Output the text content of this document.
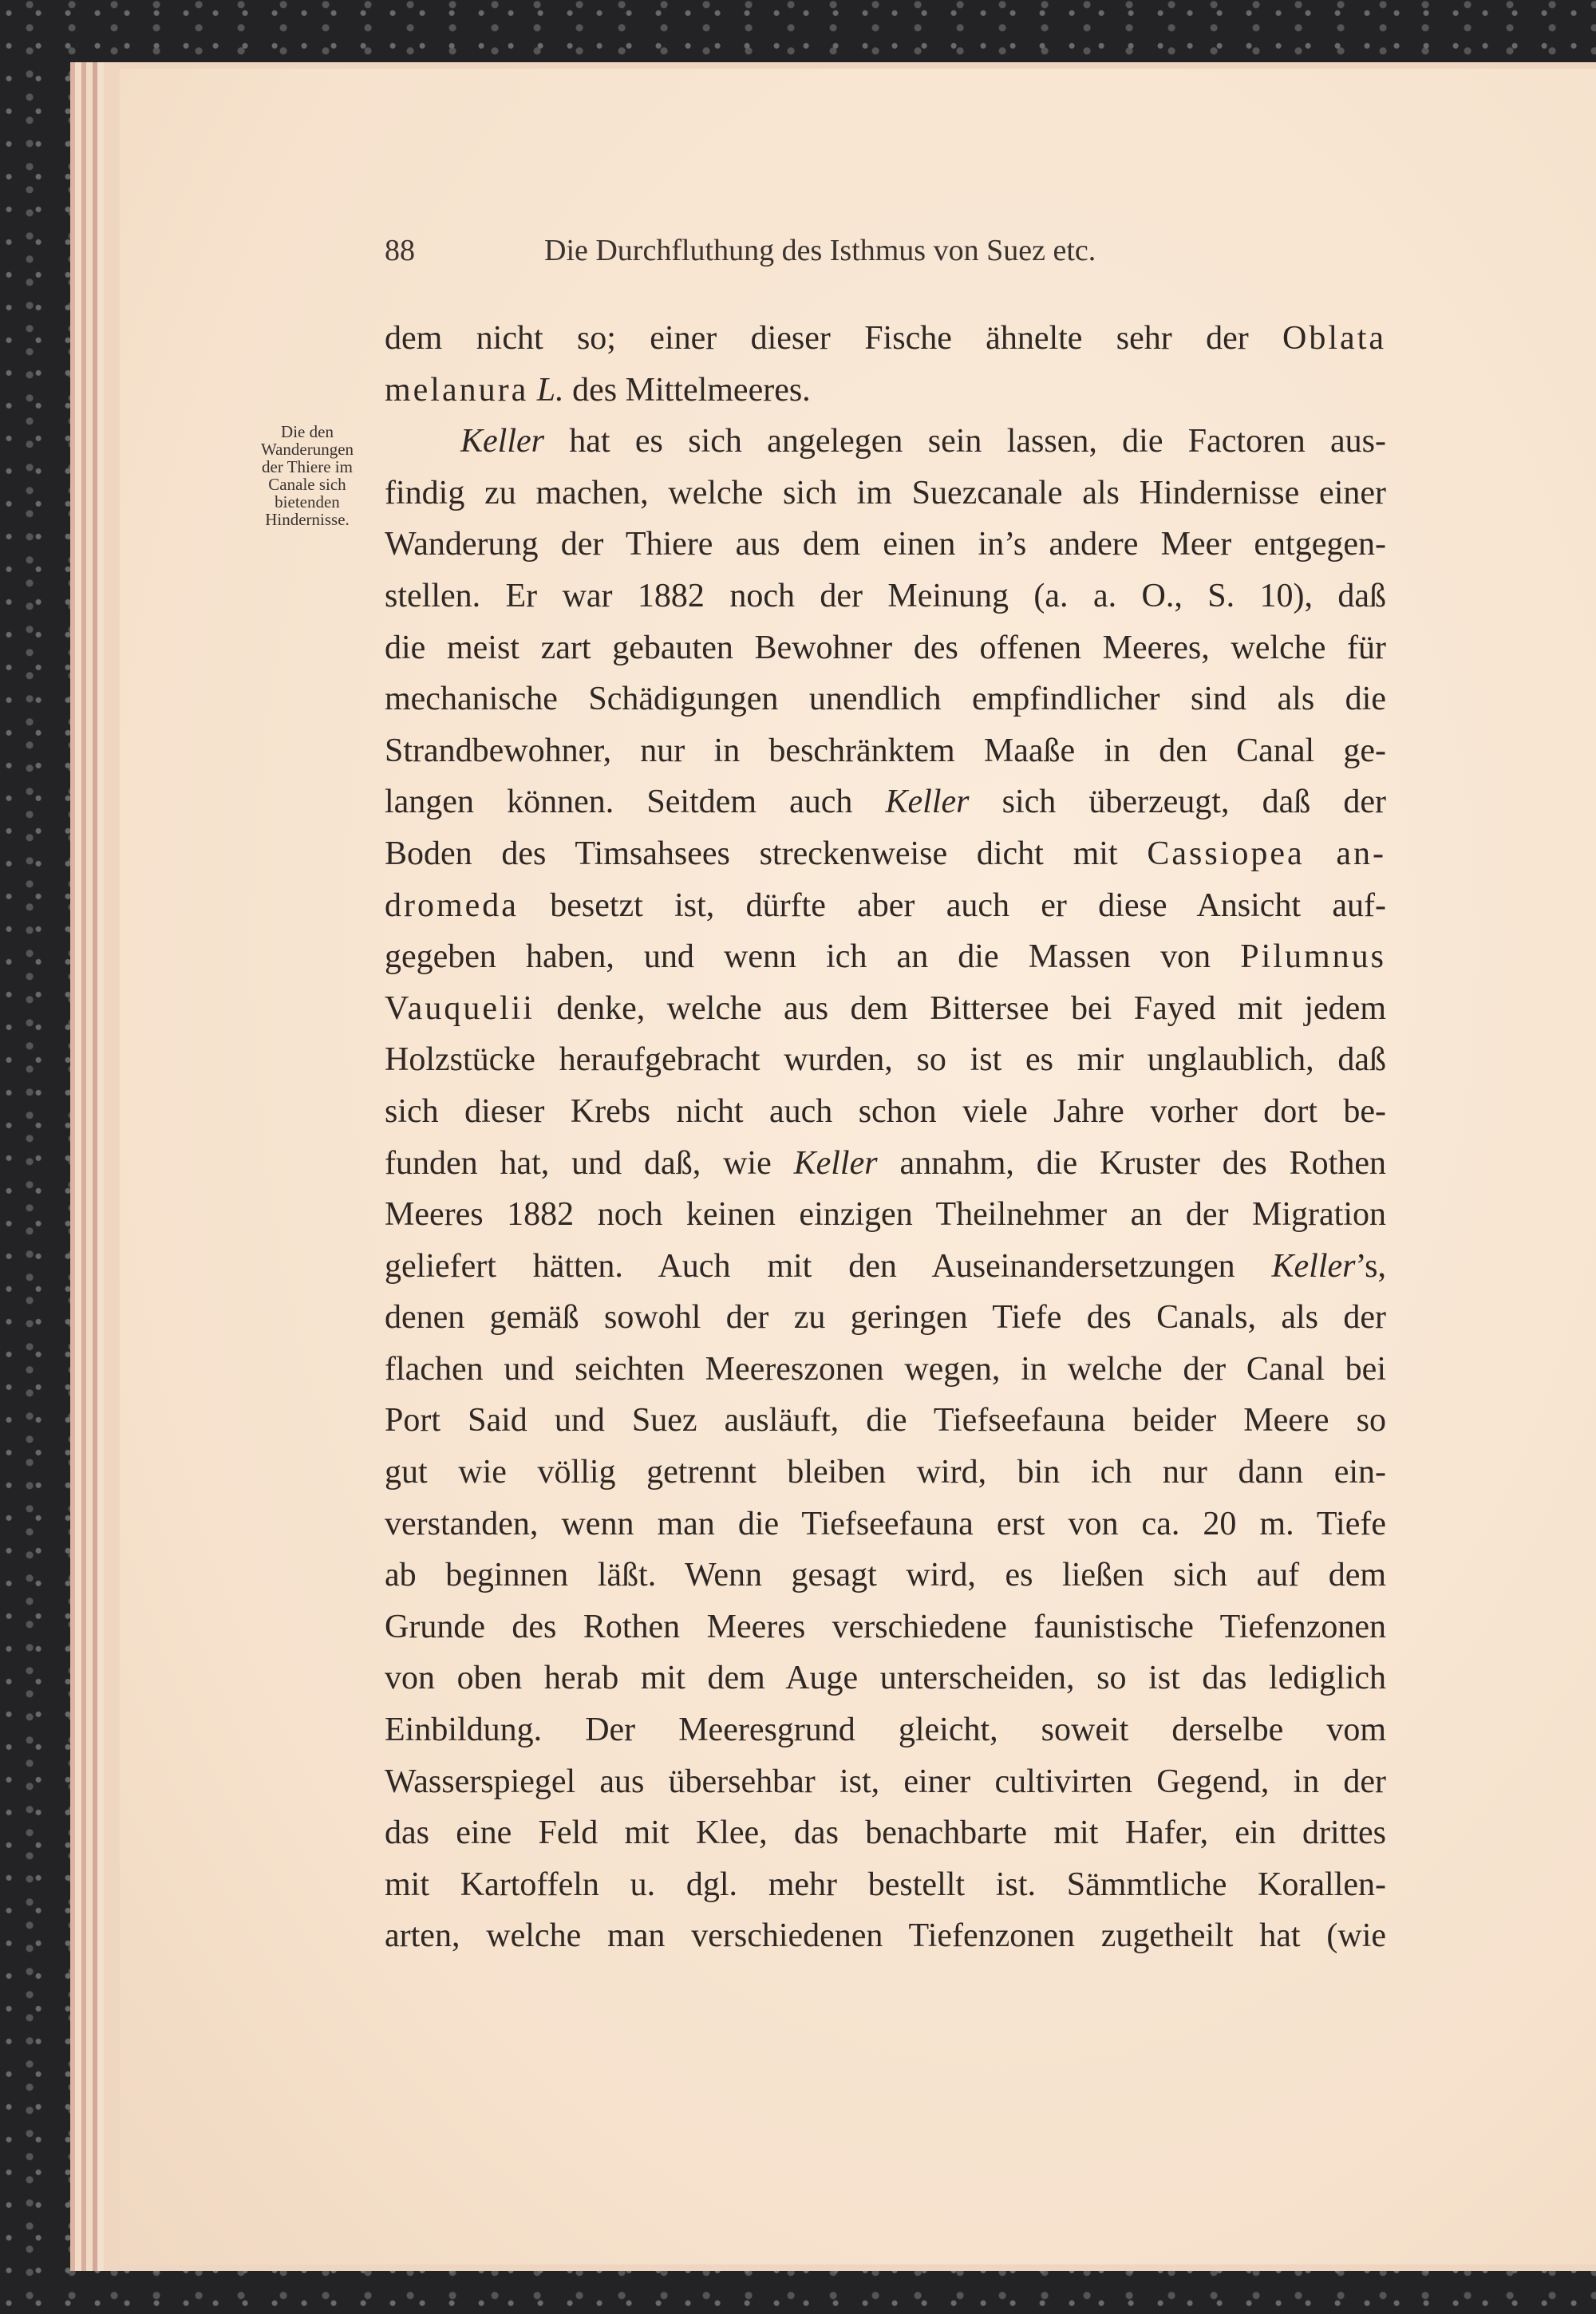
88	Die Durchfluthung des Isthmus von Suez etc.
Die den
Wanderungen
der Thiere im
Canale sich
bietenden
Hindernisse.
dem nicht so; einer dieser Fische ähnelte sehr der Oblata
melanura L. des Mittelmeeres.
Keller hat es sich angelegen sein lassen, die Factoren aus-
findig zu machen, welche sich im Suezcanale als Hindernisse einer
Wanderung der Thiere aus dem einen in’s andere Meer entgegen-
stellen. Er war 1882 noch der Meinung (a. a. O., S. 10), daß
die meist zart gebauten Bewohner des offenen Meeres, welche für
mechanische Schädigungen unendlich empfindlicher sind als die
Strandbewohner, nur in beschränktem Maaße in den Canal ge-
langen können. Seitdem auch Keller sich überzeugt, daß der
Boden des Timsahsees streckenweise dicht mit Cassiopea an-
dromeda besetzt ist, dürfte aber auch er diese Ansicht auf-
gegeben haben, und wenn ich an die Massen von Pilumnus
Vauquelii denke, welche aus dem Bittersee bei Fayed mit jedem
Holzstücke heraufgebracht wurden, so ist es mir unglaublich, daß
sich dieser Krebs nicht auch schon viele Jahre vorher dort be-
funden hat, und daß, wie Keller annahm, die Kruster des Rothen
Meeres 1882 noch keinen einzigen Theilnehmer an der Migration
geliefert hätten. Auch mit den Auseinandersetzungen Keller’s,
denen gemäß sowohl der zu geringen Tiefe des Canals, als der
flachen und seichten Meereszonen wegen, in welche der Canal bei
Port Said und Suez ausläuft, die Tiefseefauna beider Meere so
gut wie völlig getrennt bleiben wird, bin ich nur dann ein-
verstanden, wenn man die Tiefseefauna erst von ca. 20 m. Tiefe
ab beginnen läßt. Wenn gesagt wird, es ließen sich auf dem
Grunde des Rothen Meeres verschiedene faunistische Tiefenzonen
von oben herab mit dem Auge unterscheiden, so ist das lediglich
Einbildung. Der Meeresgrund gleicht, soweit derselbe vom
Wasserspiegel aus übersehbar ist, einer cultivirten Gegend, in der
das eine Feld mit Klee, das benachbarte mit Hafer, ein drittes
mit Kartoffeln u. dgl. mehr bestellt ist. Sämmtliche Korallen-
arten, welche man verschiedenen Tiefenzonen zugetheilt hat (wie
